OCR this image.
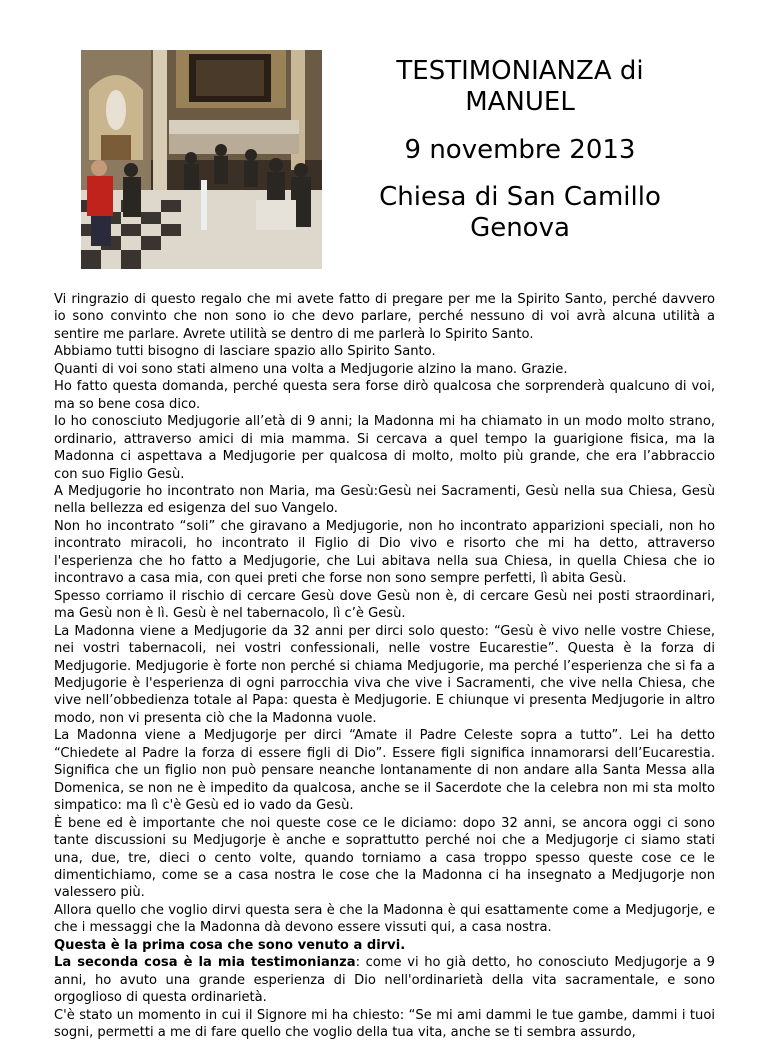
TESTIMONIANZA di
MANUEL
9 novembre 2013
Chiesa di San Camillo
Genova

Vi ringrazio di questo regalo che mi avete fatto di pregare per me la Spirito Santo, perché davvero io sono convinto che non sono io che devo parlare, perché nessuno di voi avrà alcuna utilità a sentire me parlare. Avrete utilità se dentro di me parlerà lo Spirito Santo.

Abbiamo tutti bisogno di lasciare spazio allo Spirito Santo.

Quanti di voi sono stati almeno una volta a Medjugorie alzino la mano. Grazie.

Ho fatto questa domanda, perché questa sera forse dirò qualcosa che sorprenderà qualcuno di voi, ma so bene cosa dico.

Io ho conosciuto Medjugorie all’età di 9 anni; la Madonna mi ha chiamato in un modo molto strano, ordinario, attraverso amici di mia mamma. Si cercava a quel tempo la guarigione fisica, ma la Madonna ci aspettava a Medjugorie per qualcosa di molto, molto più grande, che era l’abbraccio con suo Figlio Gesù.

A Medjugorie ho incontrato non Maria, ma Gesù:Gesù nei Sacramenti, Gesù nella sua Chiesa, Gesù nella bellezza ed esigenza del suo Vangelo.

Non ho incontrato “soli” che giravano a Medjugorie, non ho incontrato apparizioni speciali, non ho incontrato miracoli, ho incontrato il Figlio di Dio vivo e risorto che mi ha detto, attraverso l'esperienza che ho fatto a Medjugorie, che Lui abitava nella sua Chiesa, in quella Chiesa che io incontravo a casa mia, con quei preti che forse non sono sempre perfetti, lì abita Gesù.

Spesso corriamo il rischio di cercare Gesù dove Gesù non è, di cercare Gesù nei posti straordinari, ma Gesù non è lì. Gesù è nel tabernacolo, lì c’è Gesù.

La Madonna viene a Medjugorie da 32 anni per dirci solo questo: “Gesù è vivo nelle vostre Chiese, nei vostri tabernacoli, nei vostri confessionali, nelle vostre Eucarestie”. Questa è la forza di Medjugorie. Medjugorie è forte non perché si chiama Medjugorie, ma perché l’esperienza che si fa a Medjugorie è l'esperienza di ogni parrocchia viva che vive i Sacramenti, che vive nella Chiesa, che vive nell’obbedienza totale al Papa: questa è Medjugorie. E chiunque vi presenta Medjugorie in altro modo, non vi presenta ciò che la Madonna vuole.

La Madonna viene a Medjugorje per dirci “Amate il Padre Celeste sopra a tutto”. Lei ha detto “Chiedete al Padre la forza di essere figli di Dio”. Essere figli significa innamorarsi dell’Eucarestia. Significa che un figlio non può pensare neanche lontanamente di non andare alla Santa Messa alla Domenica, se non ne è impedito da qualcosa, anche se il Sacerdote che la celebra non mi sta molto simpatico: ma lì c'è Gesù ed io vado da Gesù.

È bene ed è importante che noi queste cose ce le diciamo: dopo 32 anni, se ancora oggi ci sono tante discussioni su Medjugorje è anche e soprattutto perché noi che a Medjugorje ci siamo stati una, due, tre, dieci o cento volte, quando torniamo a casa troppo spesso queste cose ce le dimentichiamo, come se a casa nostra le cose che la Madonna ci ha insegnato a Medjugorje non valessero più.

Allora quello che voglio dirvi questa sera è che la Madonna è qui esattamente come a Medjugorje, e che i messaggi che la Madonna dà devono essere vissuti qui, a casa nostra.

Questa è la prima cosa che sono venuto a dirvi.

La seconda cosa è la mia testimonianza: come vi ho già detto, ho conosciuto Medjugorje a 9 anni, ho avuto una grande esperienza di Dio nell'ordinarietà della vita sacramentale, e sono orgoglioso di questa ordinarietà.

C'è stato un momento in cui il Signore mi ha chiesto: “Se mi ami dammi le tue gambe, dammi i tuoi sogni, permetti a me di fare quello che voglio della tua vita, anche se ti sembra assurdo,
